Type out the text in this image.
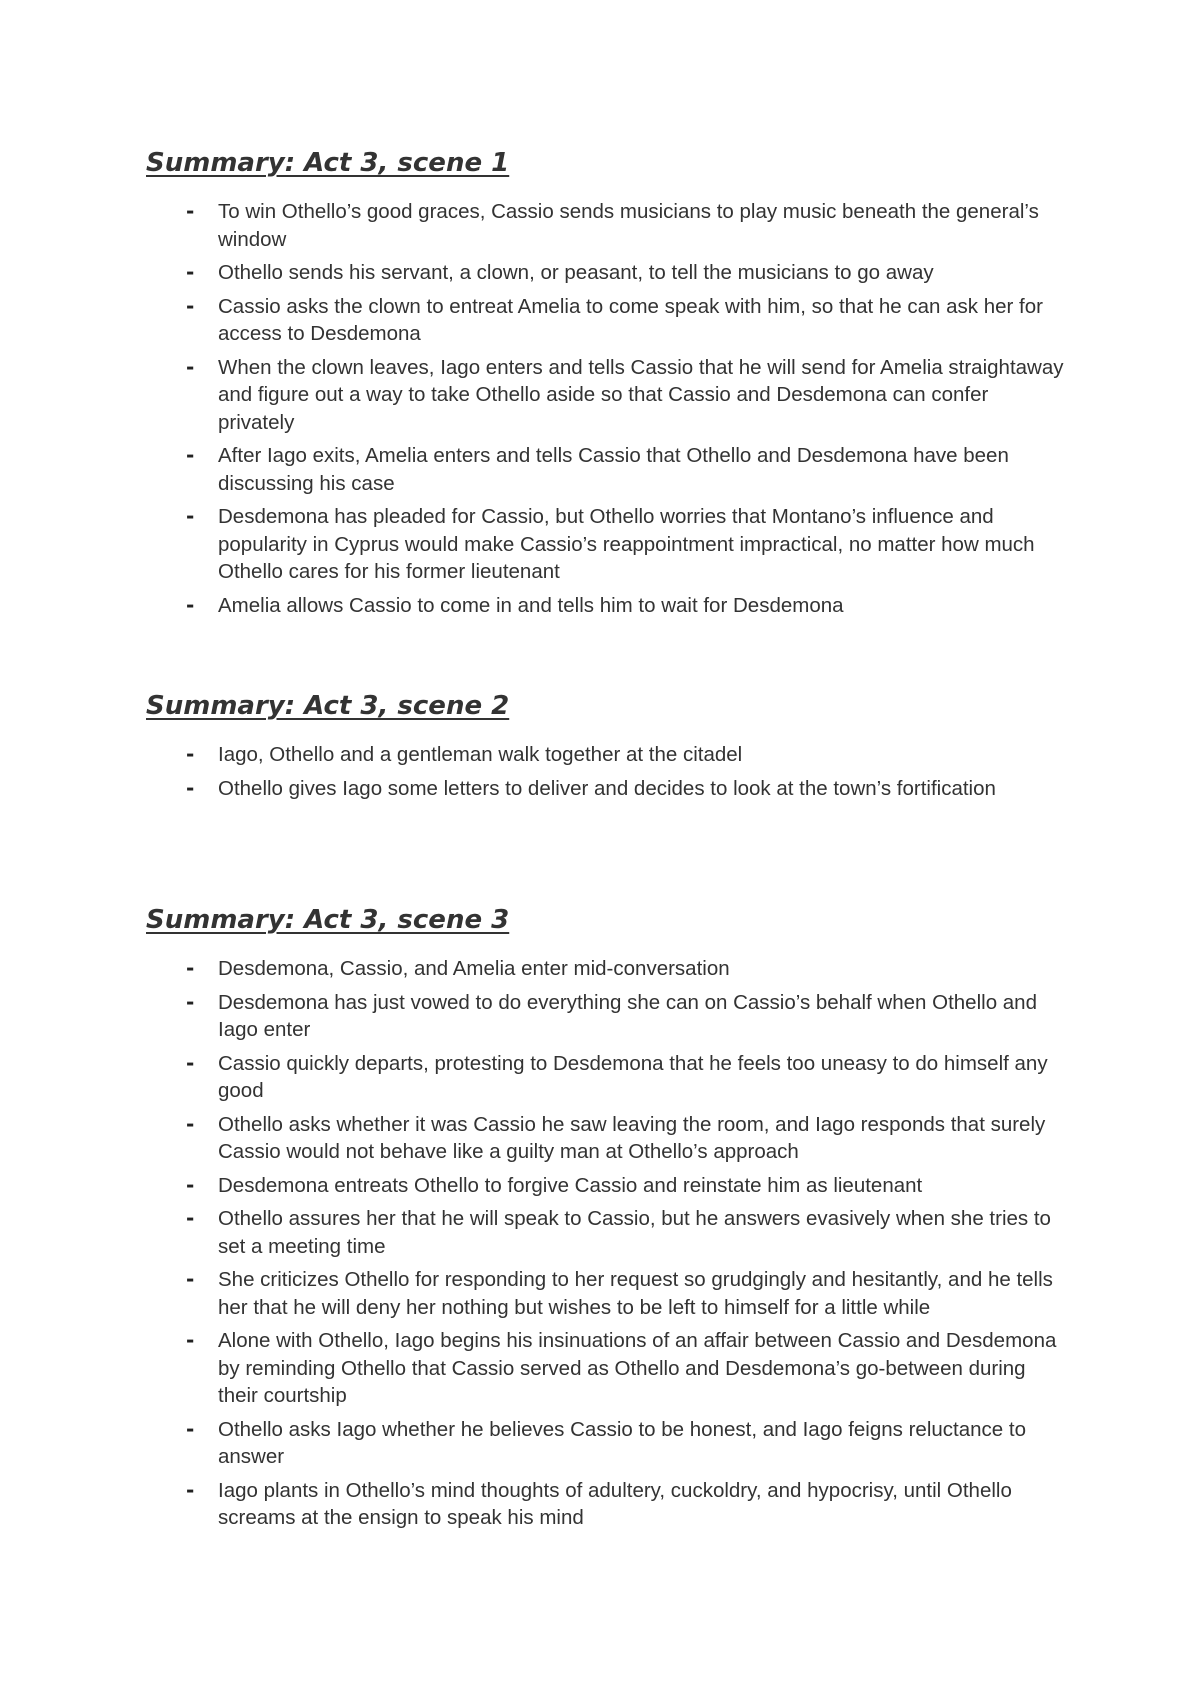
Summary: Act 3, scene 1
- To win Othello’s good graces, Cassio sends musicians to play music beneath the general’s window
- Othello sends his servant, a clown, or peasant, to tell the musicians to go away
- Cassio asks the clown to entreat Amelia to come speak with him, so that he can ask her for access to Desdemona
- When the clown leaves, Iago enters and tells Cassio that he will send for Amelia straightaway and figure out a way to take Othello aside so that Cassio and Desdemona can confer privately
- After Iago exits, Amelia enters and tells Cassio that Othello and Desdemona have been discussing his case
- Desdemona has pleaded for Cassio, but Othello worries that Montano’s influence and popularity in Cyprus would make Cassio’s reappointment impractical, no matter how much Othello cares for his former lieutenant
- Amelia allows Cassio to come in and tells him to wait for Desdemona
Summary: Act 3, scene 2
- Iago, Othello and a gentleman walk together at the citadel
- Othello gives Iago some letters to deliver and decides to look at the town’s fortification
Summary: Act 3, scene 3
- Desdemona, Cassio, and Amelia enter mid-conversation
- Desdemona has just vowed to do everything she can on Cassio’s behalf when Othello and Iago enter
- Cassio quickly departs, protesting to Desdemona that he feels too uneasy to do himself any good
- Othello asks whether it was Cassio he saw leaving the room, and Iago responds that surely Cassio would not behave like a guilty man at Othello’s approach
- Desdemona entreats Othello to forgive Cassio and reinstate him as lieutenant
- Othello assures her that he will speak to Cassio, but he answers evasively when she tries to set a meeting time
- She criticizes Othello for responding to her request so grudgingly and hesitantly, and he tells her that he will deny her nothing but wishes to be left to himself for a little while
- Alone with Othello, Iago begins his insinuations of an affair between Cassio and Desdemona by reminding Othello that Cassio served as Othello and Desdemona’s go-between during their courtship
- Othello asks Iago whether he believes Cassio to be honest, and Iago feigns reluctance to answer
- Iago plants in Othello’s mind thoughts of adultery, cuckoldry, and hypocrisy, until Othello screams at the ensign to speak his mind
